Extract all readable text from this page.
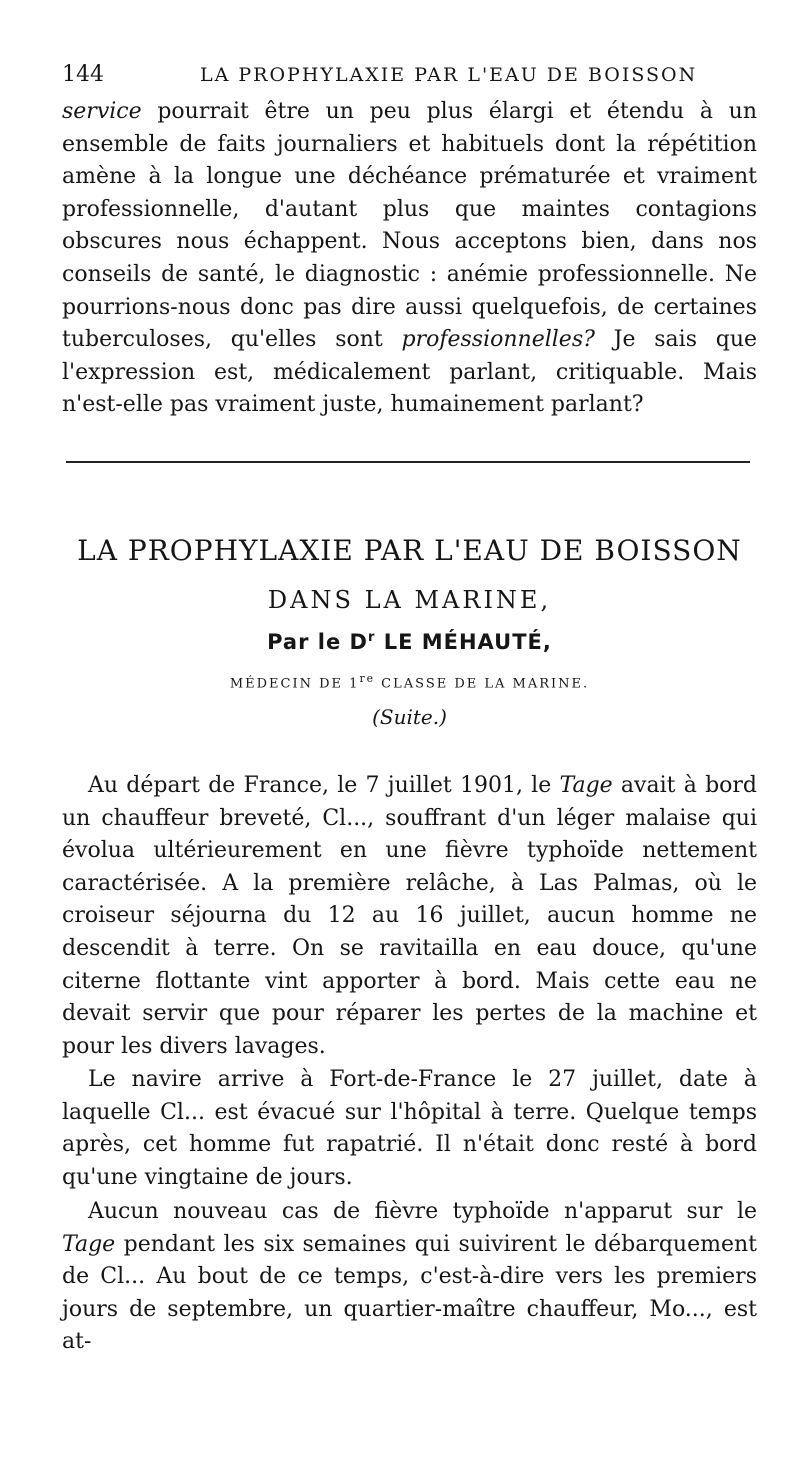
144	LA PROPHYLAXIE PAR L'EAU DE BOISSON

service pourrait être un peu plus élargi et étendu à un ensemble de faits journaliers et habituels dont la répétition amène à la longue une déchéance prématurée et vraiment professionnelle, d'autant plus que maintes contagions obscures nous échappent. Nous acceptons bien, dans nos conseils de santé, le diagnostic : anémie professionnelle. Ne pourrions-nous donc pas dire aussi quelquefois, de certaines tuberculoses, qu'elles sont professionnelles? Je sais que l'expression est, médicalement parlant, critiquable. Mais n'est-elle pas vraiment juste, humainement parlant?

LA PROPHYLAXIE PAR L'EAU DE BOISSON
DANS LA MARINE,
Par le $D^r$ LE MÉHAUTÉ,
MÉDECIN DE 1re CLASSE DE LA MARINE.
(Suite.)

Au départ de France, le 7 juillet 1901, le Tage avait à bord un chauffeur breveté, Cl..., souffrant d'un léger malaise qui évolua ultérieurement en une fièvre typhoïde nettement caractérisée. A la première relâche, à Las Palmas, où le croiseur séjourna du 12 au 16 juillet, aucun homme ne descendit à terre. On se ravitailla en eau douce, qu'une citerne flottante vint apporter à bord. Mais cette eau ne devait servir que pour réparer les pertes de la machine et pour les divers lavages.

Le navire arrive à Fort-de-France le 27 juillet, date à laquelle Cl... est évacué sur l'hôpital à terre. Quelque temps après, cet homme fut rapatrié. Il n'était donc resté à bord qu'une vingtaine de jours.

Aucun nouveau cas de fièvre typhoïde n'apparut sur le Tage pendant les six semaines qui suivirent le débarquement de Cl... Au bout de ce temps, c'est-à-dire vers les premiers jours de septembre, un quartier-maître chauffeur, Mo..., est at-
